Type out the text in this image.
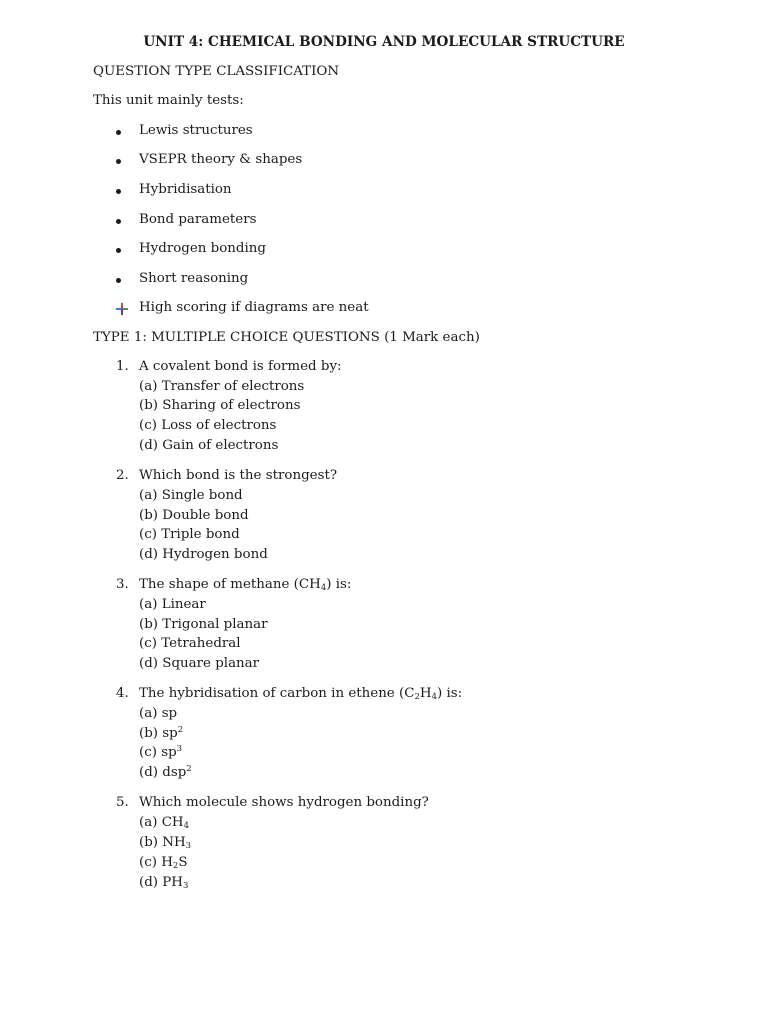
UNIT 4: CHEMICAL BONDING AND MOLECULAR STRUCTURE
QUESTION TYPE CLASSIFICATION
This unit mainly tests:
Lewis structures
VSEPR theory & shapes
Hybridisation
Bond parameters
Hydrogen bonding
Short reasoning
High scoring if diagrams are neat
TYPE 1: MULTIPLE CHOICE QUESTIONS (1 Mark each)
1. A covalent bond is formed by:
(a) Transfer of electrons
(b) Sharing of electrons
(c) Loss of electrons
(d) Gain of electrons
2. Which bond is the strongest?
(a) Single bond
(b) Double bond
(c) Triple bond
(d) Hydrogen bond
3. The shape of methane $(CH_4)$ is:
(a) Linear
(b) Trigonal planar
(c) Tetrahedral
(d) Square planar
4. The hybridisation of carbon in ethene $(C_2H_4)$ is:
(a) sp
(b) $sp^2$
(c) $sp^3$
(d) dsp$^2$
5. Which molecule shows hydrogen bonding?
(a) $CH_4$
(b) $NH_3$
(c) $H_2S$
(d) $PH_3$
